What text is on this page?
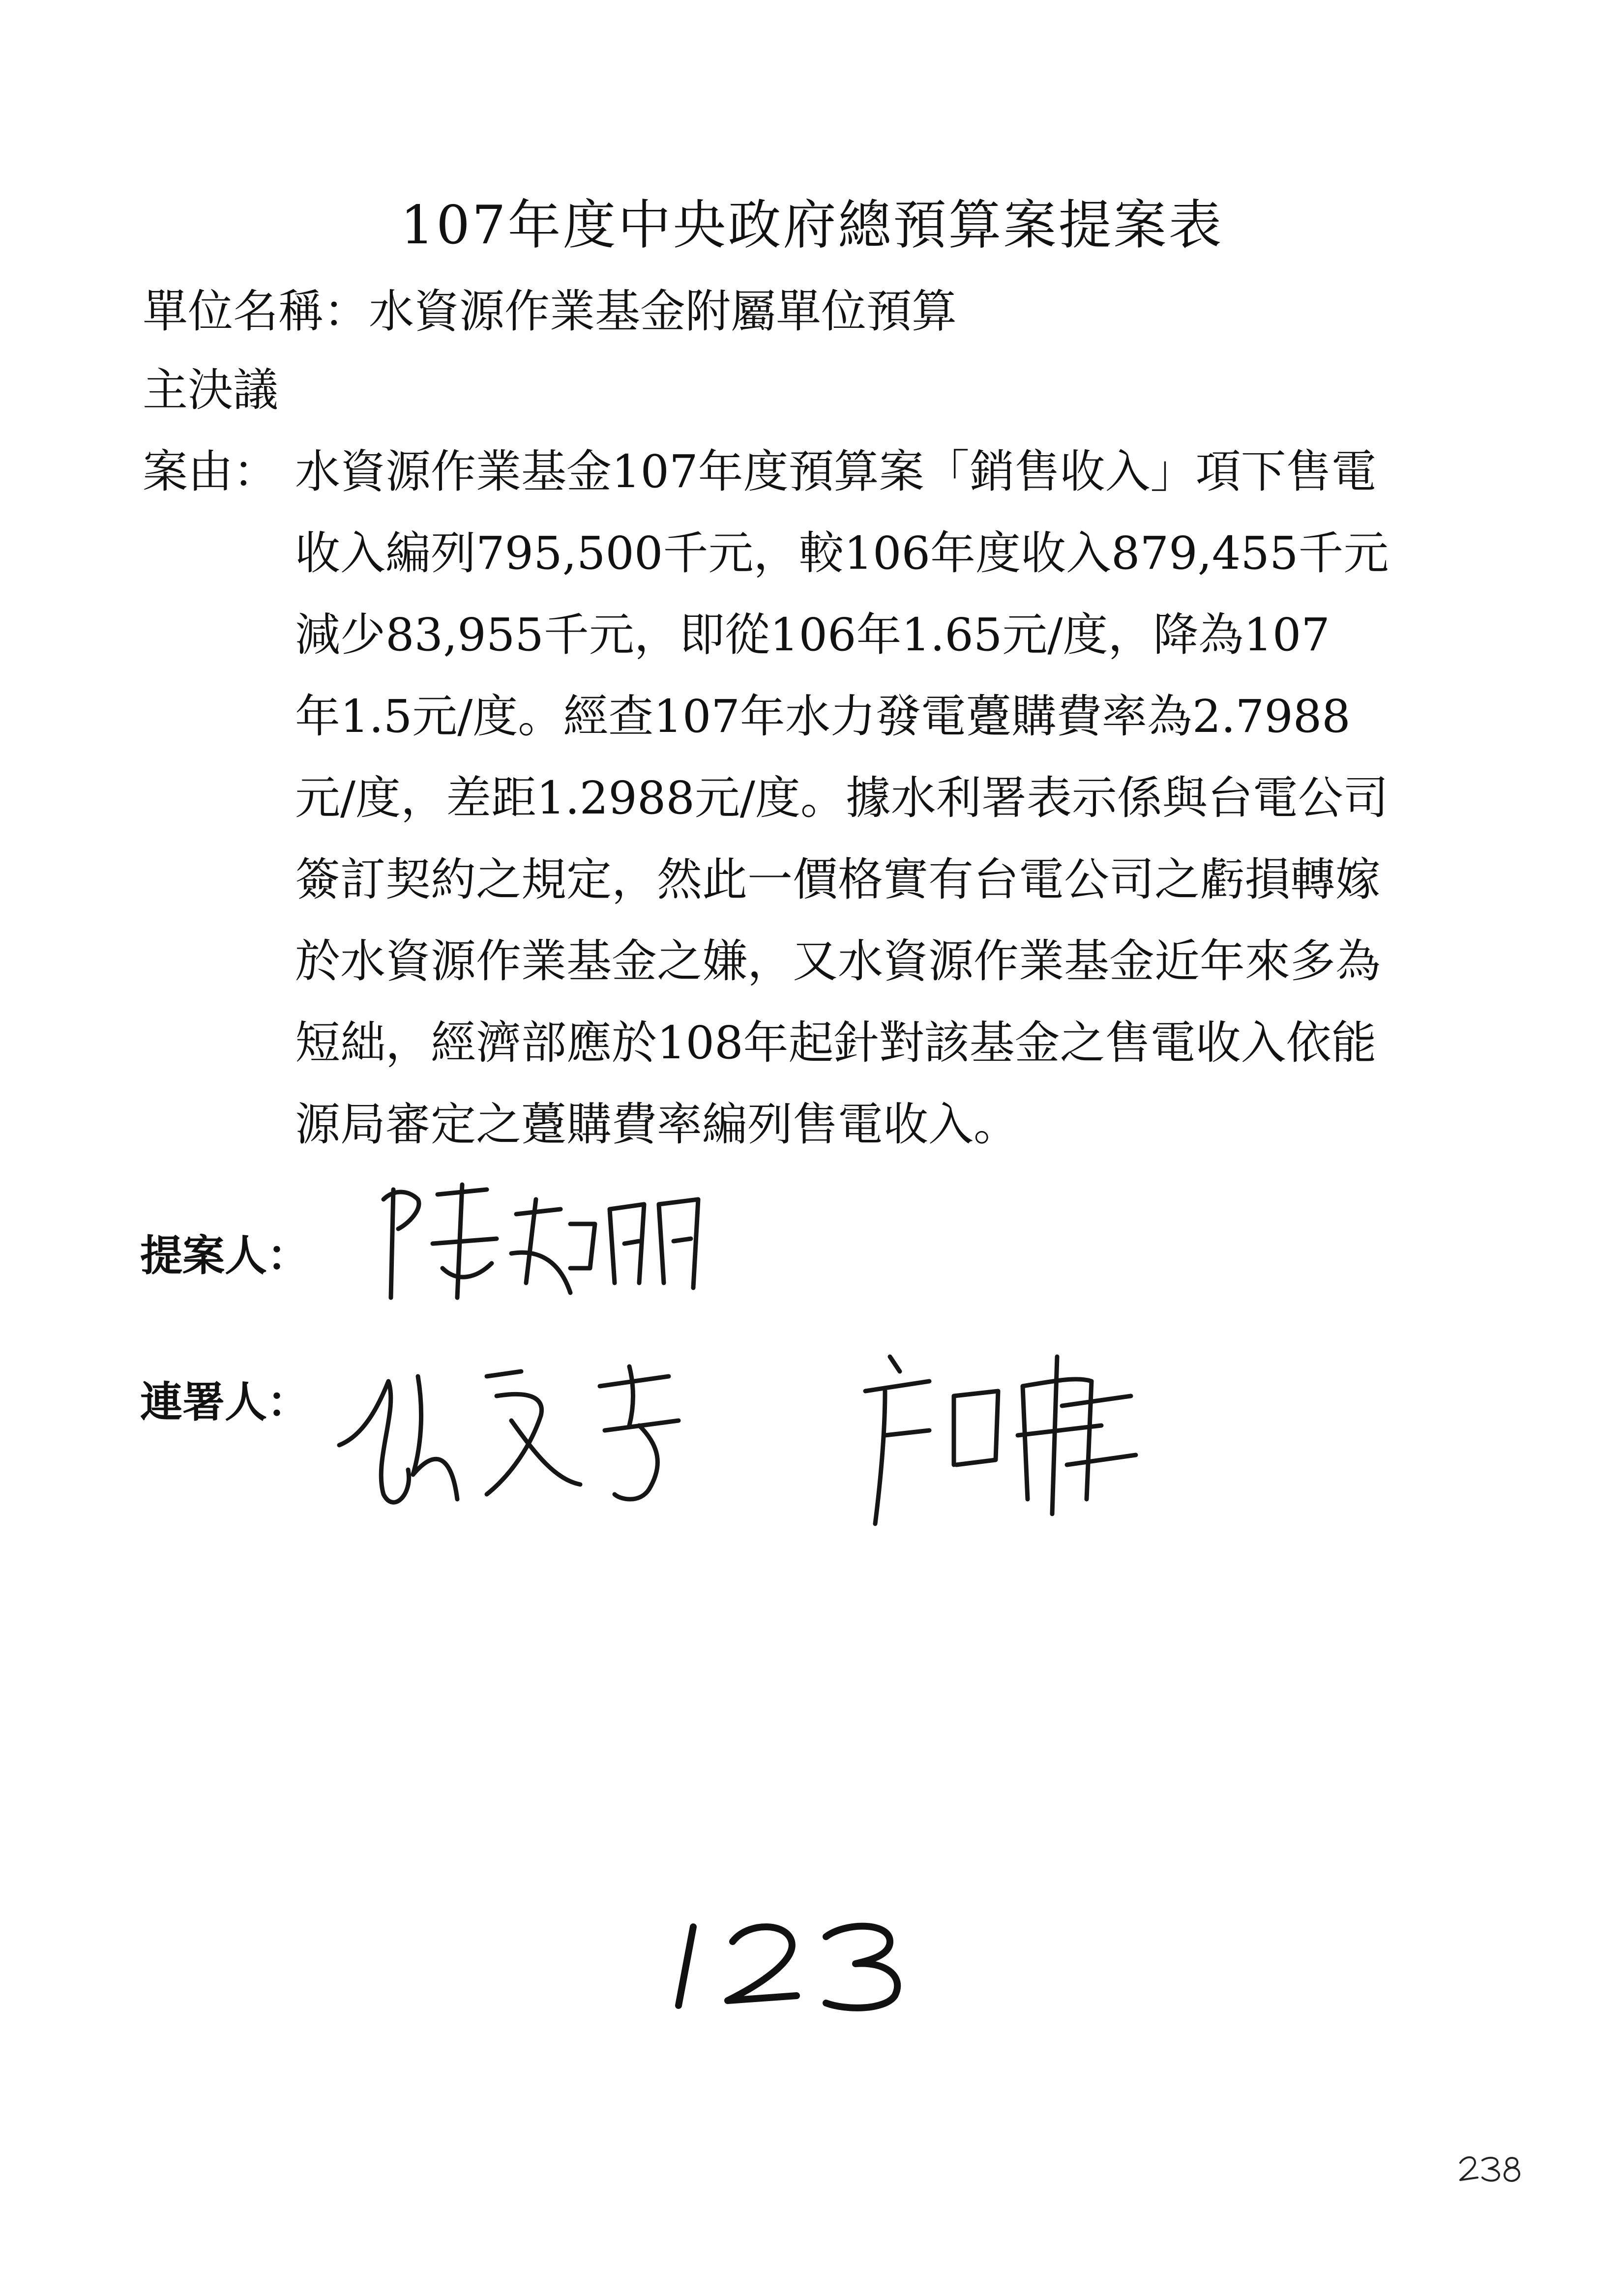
107年度中央政府總預算案提案表
單位名稱：水資源作業基金附屬單位預算
主決議
案由： 水資源作業基金107年度預算案「銷售收入」項下售電
收入編列795,500千元，較106年度收入879,455千元
減少83,955千元，即從106年1.65元/度，降為107
年1.5元/度。經查107年水力發電躉購費率為2.7988
元/度，差距1.2988元/度。據水利署表示係與台電公司
簽訂契約之規定，然此一價格實有台電公司之虧損轉嫁
於水資源作業基金之嫌，又水資源作業基金近年來多為
短絀，經濟部應於108年起針對該基金之售電收入依能
源局審定之躉購費率編列售電收入。
提案人：
連署人：
